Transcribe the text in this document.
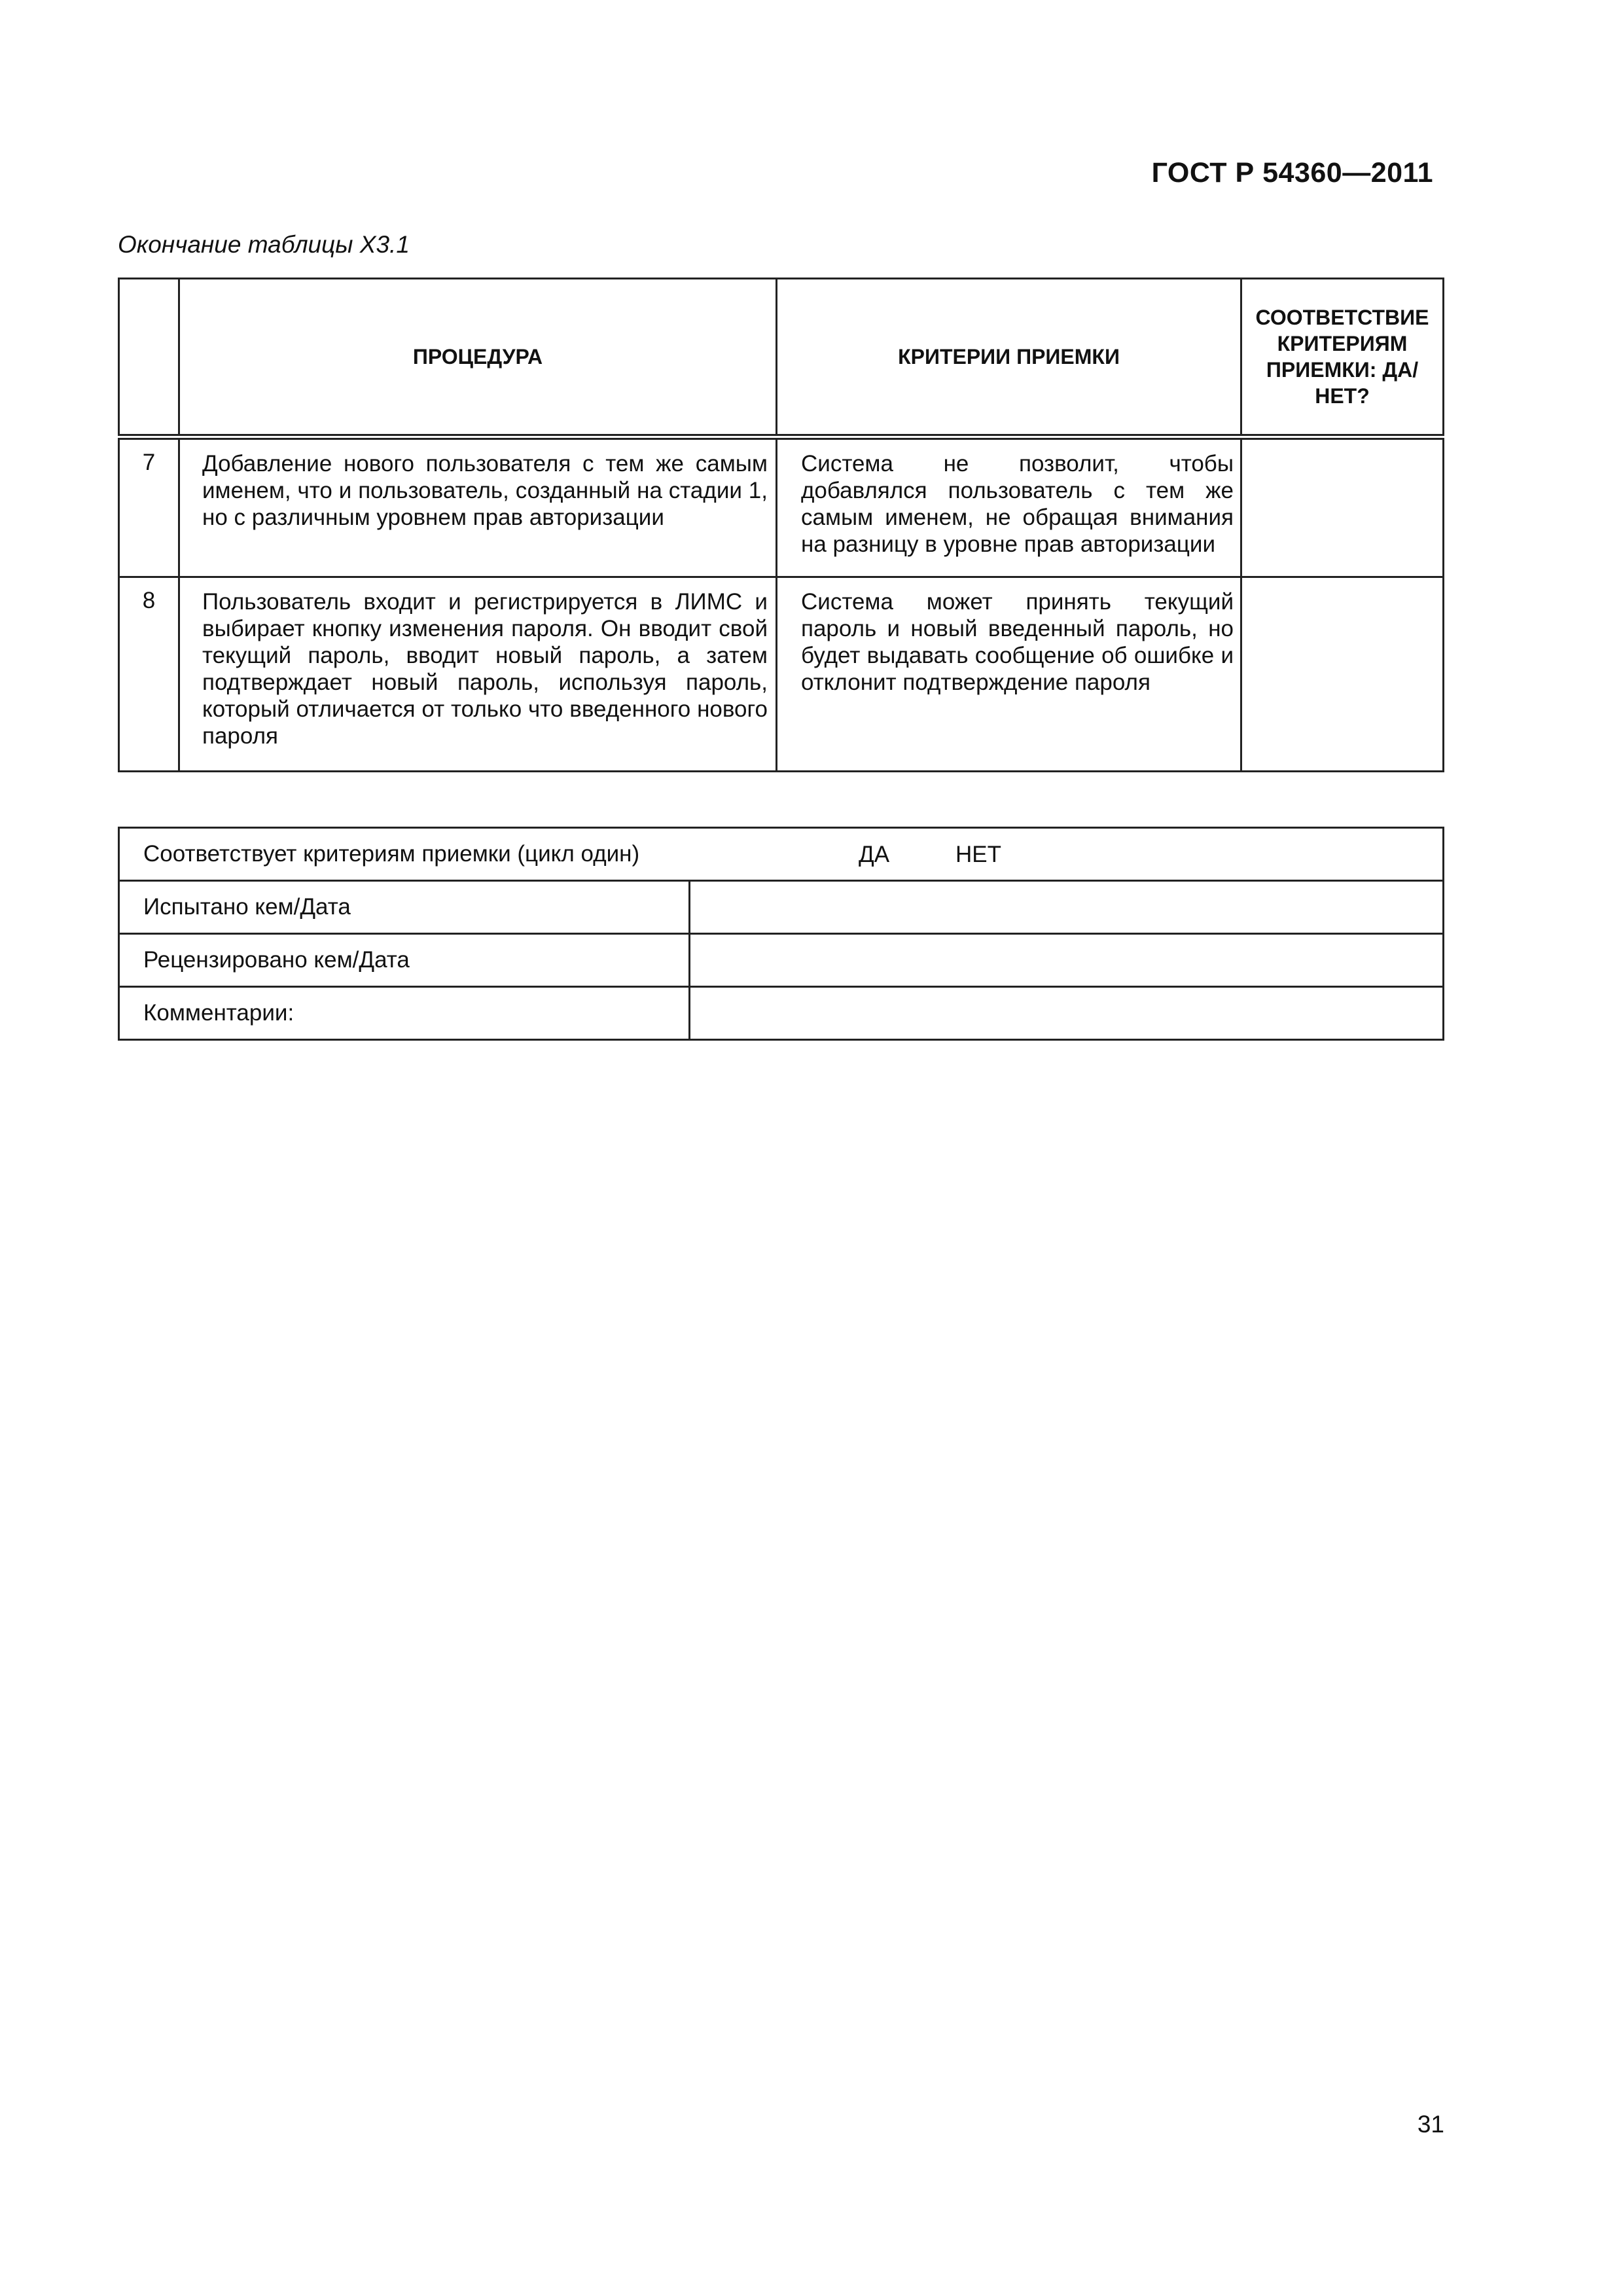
ГОСТ Р 54360—2011
Окончание таблицы Х3.1
	ПРОЦЕДУРА	КРИТЕРИИ ПРИЕМКИ	СООТВЕТСТВИЕ КРИТЕРИЯМ ПРИЕМКИ: ДА/НЕТ?
7	Добавление нового пользователя с тем же самым именем, что и пользователь, созданный на стадии 1, но с различным уровнем прав авторизации	Система не позволит, чтобы добавлялся пользователь с тем же самым именем, не обращая внимания на разницу в уровне прав авторизации	
8	Пользователь входит и регистрируется в ЛИМС и выбирает кнопку изменения пароля. Он вводит свой текущий пароль, вводит новый пароль, а затем подтверждает новый пароль, используя пароль, который отличается от только что введенного нового пароля	Система может принять текущий пароль и новый введенный пароль, но будет выдавать сообщение об ошибке и отклонит подтверждение пароля	
Соответствует критериям приемки (цикл один) ДА НЕТ	

Испытано кем/Дата	
Рецензировано кем/Дата	
Комментарии:	
31
